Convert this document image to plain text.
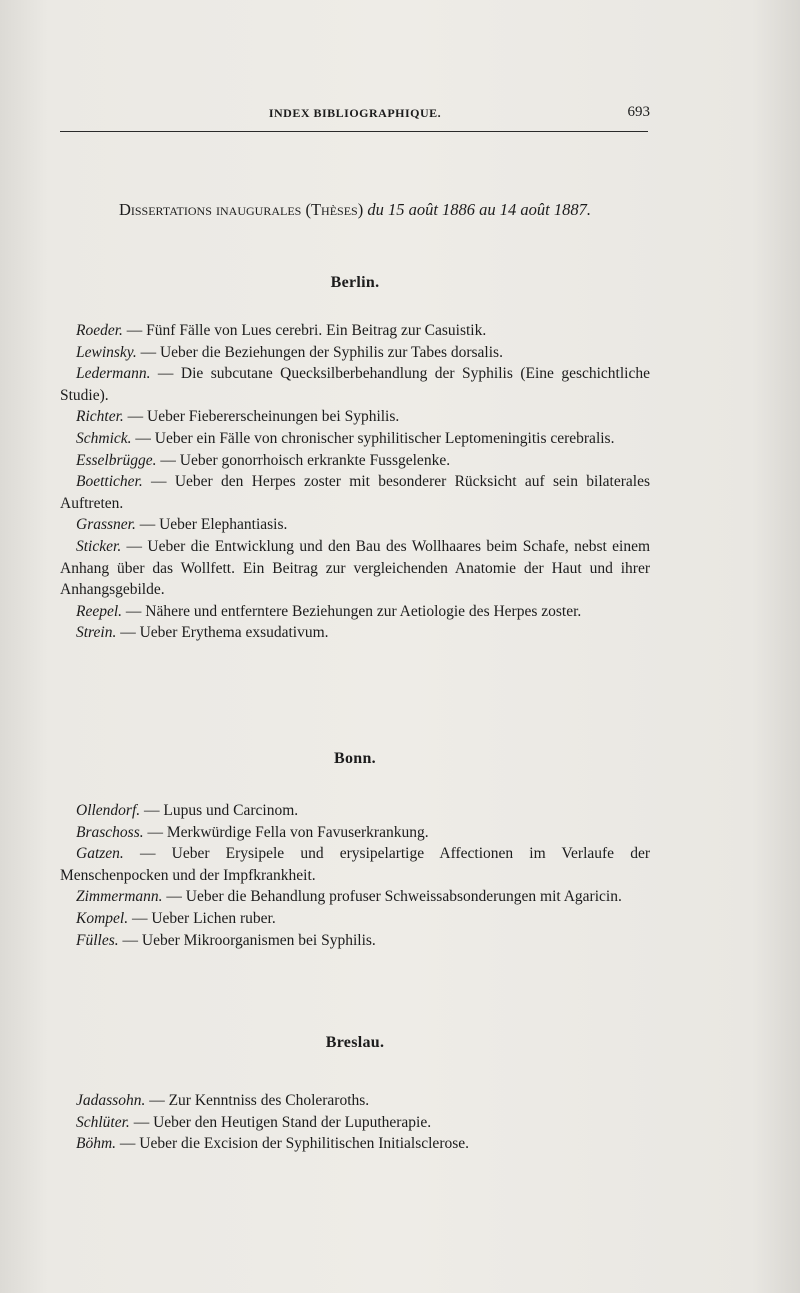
INDEX BIBLIOGRAPHIQUE.	693
Dissertations inaugurales (Thèses) du 15 août 1886 au 14 août 1887.
Berlin.

Roeder. — Fünf Fälle von Lues cerebri. Ein Beitrag zur Casuistik.

Lewinsky. — Ueber die Beziehungen der Syphilis zur Tabes dorsalis.

Ledermann. — Die subcutane Quecksilberbehandlung der Syphilis (Eine geschichtliche Studie).

Richter. — Ueber Fiebererscheinungen bei Syphilis.

Schmick. — Ueber ein Fälle von chronischer syphilitischer Leptomeningitis cerebralis.

Esselbrügge. — Ueber gonorrhoisch erkrankte Fussgelenke.

Boetticher. — Ueber den Herpes zoster mit besonderer Rücksicht auf sein bilaterales Auftreten.

Grassner. — Ueber Elephantiasis.

Sticker. — Ueber die Entwicklung und den Bau des Wollhaares beim Schafe, nebst einem Anhang über das Wollfett. Ein Beitrag zur vergleichenden Anatomie der Haut und ihrer Anhangsgebilde.

Reepel. — Nähere und entferntere Beziehungen zur Aetiologie des Herpes zoster.

Strein. — Ueber Erythema exsudativum.

Bonn.

Ollendorf. — Lupus und Carcinom.

Braschoss. — Merkwürdige Fella von Favuserkrankung.

Gatzen. — Ueber Erysipele und erysipelartige Affectionen im Verlaufe der Menschenpocken und der Impfkrankheit.

Zimmermann. — Ueber die Behandlung profuser Schweissabsonderungen mit Agaricin.

Kompel. — Ueber Lichen ruber.

Fülles. — Ueber Mikroorganismen bei Syphilis.

Breslau.

Jadassohn. — Zur Kenntniss des Choleraroths.

Schlüter. — Ueber den Heutigen Stand der Luputherapie.

Böhm. — Ueber die Excision der Syphilitischen Initialsclerose.
